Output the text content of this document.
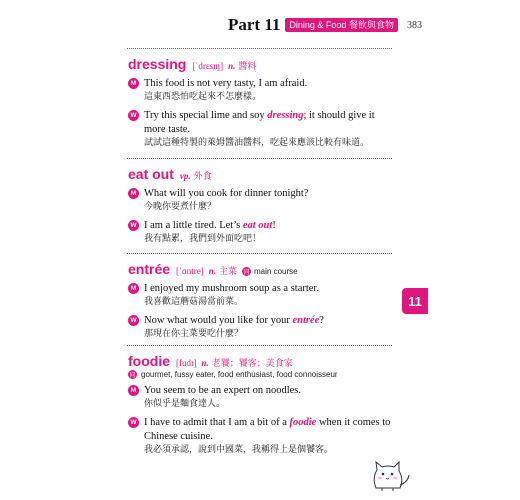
Part 11	Dining & Food 餐飲與食物	383
dressing [ˈdrɛsɪŋ] n. 醬料
M This food is not very tasty, I am afraid.
這東西恐怕吃起來不怎麼樣。
W Try this special lime and soy dressing; it should give it more taste.
試試這種特製的萊姆醬油醬料，吃起來應該比較有味道。
eat out vp. 外食
M What will you cook for dinner tonight?
今晚你要煮什麼？
W I am a little tired. Let’s eat out!
我有點累，我們到外面吃吧！
entrée [ˈɑntre] n. 主菜 同 main course
M I enjoyed my mushroom soup as a starter.
我喜歡這蘑菇湯當前菜。
W Now what would you like for your entrée?
那現在你主菜要吃什麼？
foodie [fudɪ] n. 老饕；饕客；美食家
同 gourmet, fussy eater, food enthusiast, food connoisseur
M You seem to be an expert on noodles.
你似乎是麵食達人。
W I have to admit that I am a bit of a foodie when it comes to Chinese cuisine.
我必須承認，說到中國菜，我稱得上是個饕客。
11
